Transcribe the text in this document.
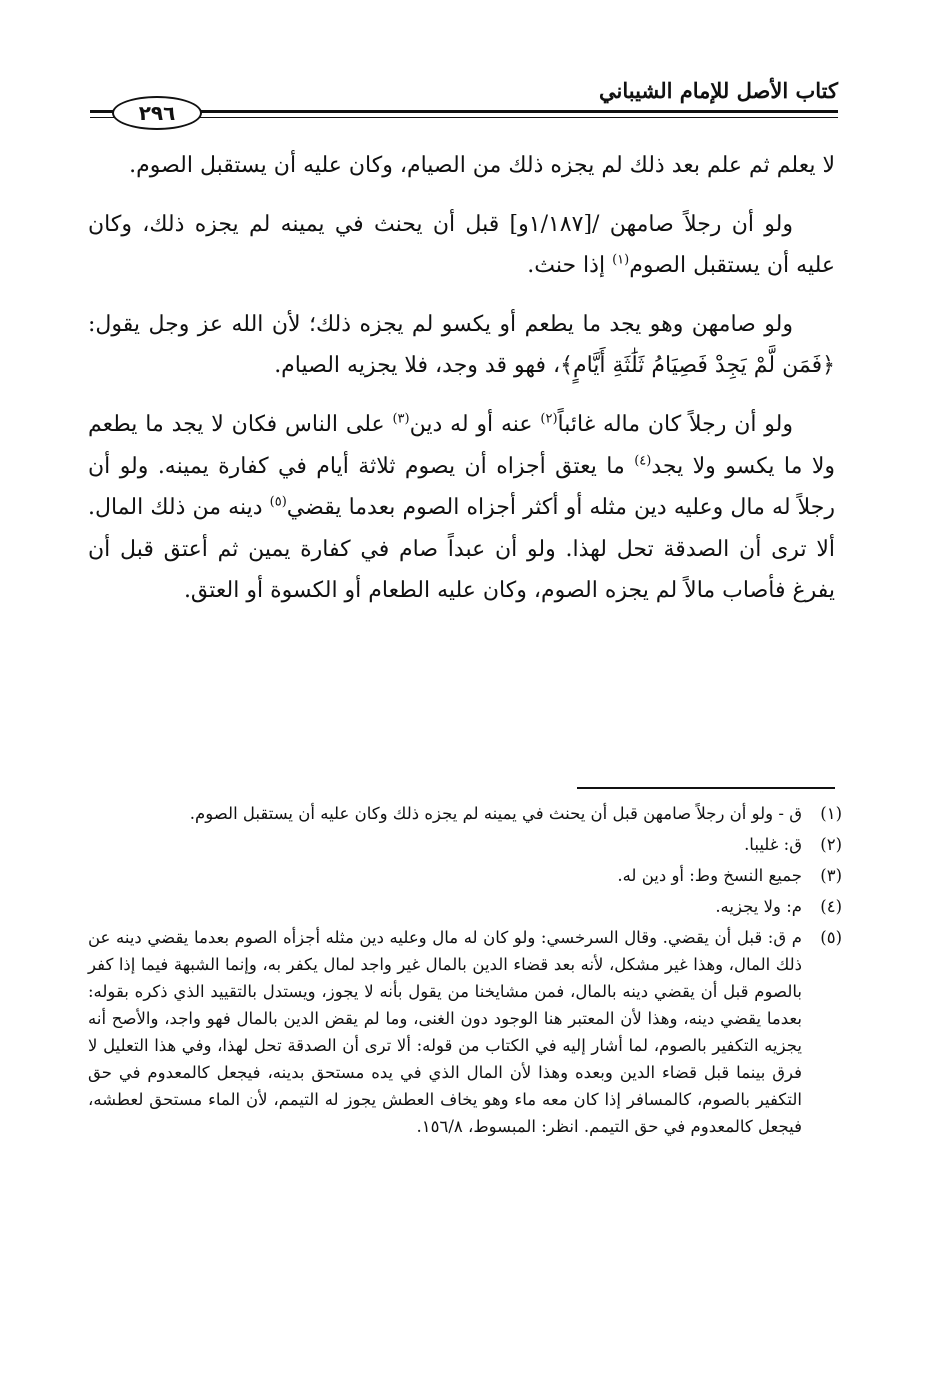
كتاب الأصل للإمام الشيباني
٢٩٦

لا يعلم ثم علم بعد ذلك لم يجزه ذلك من الصيام، وكان عليه أن يستقبل الصوم.

ولو أن رجلاً صامهن /[١/١٨٧و] قبل أن يحنث في يمينه لم يجزه ذلك، وكان عليه أن يستقبل الصوم$^{(١)}$ إذا حنث.

ولو صامهن وهو يجد ما يطعم أو يكسو لم يجزه ذلك؛ لأن الله عز وجل يقول: ﴿فَمَن لَّمْ يَجِدْ فَصِيَامُ ثَلَٰثَةِ أَيَّامٍ﴾، فهو قد وجد، فلا يجزيه الصيام.

ولو أن رجلاً كان ماله غائباً$^{(٢)}$ عنه أو له دين$^{(٣)}$ على الناس فكان لا يجد ما يطعم ولا ما يكسو ولا يجد$^{(٤)}$ ما يعتق أجزاه أن يصوم ثلاثة أيام في كفارة يمينه. ولو أن رجلاً له مال وعليه دين مثله أو أكثر أجزاه الصوم بعدما يقضي$^{(٥)}$ دينه من ذلك المال. ألا ترى أن الصدقة تحل لهذا. ولو أن عبداً صام في كفارة يمين ثم أعتق قبل أن يفرغ فأصاب مالاً لم يجزه الصوم، وكان عليه الطعام أو الكسوة أو العتق.

(١)
ق - ولو أن رجلاً صامهن قبل أن يحنث في يمينه لم يجزه ذلك وكان عليه أن يستقبل الصوم.
(٢)
ق: غليبا.
(٣)
جميع النسخ وط: أو دين له.
(٤)
م: ولا يجزيه.
(٥)
م ق: قبل أن يقضي. وقال السرخسي: ولو كان له مال وعليه دين مثله أجزأه الصوم بعدما يقضي دينه عن ذلك المال، وهذا غير مشكل، لأنه بعد قضاء الدين بالمال غير واجد لمال يكفر به، وإنما الشبهة فيما إذا كفر بالصوم قبل أن يقضي دينه بالمال، فمن مشايخنا من يقول بأنه لا يجوز، ويستدل بالتقييد الذي ذكره بقوله: بعدما يقضي دينه، وهذا لأن المعتبر هنا الوجود دون الغنى، وما لم يقض الدين بالمال فهو واجد، والأصح أنه يجزيه التكفير بالصوم، لما أشار إليه في الكتاب من قوله: ألا ترى أن الصدقة تحل لهذا، وفي هذا التعليل لا فرق بينما قبل قضاء الدين وبعده وهذا لأن المال الذي في يده مستحق بدينه، فيجعل كالمعدوم في حق التكفير بالصوم، كالمسافر إذا كان معه ماء وهو يخاف العطش يجوز له التيمم، لأن الماء مستحق لعطشه، فيجعل كالمعدوم في حق التيمم. انظر: المبسوط، ١٥٦/٨.
